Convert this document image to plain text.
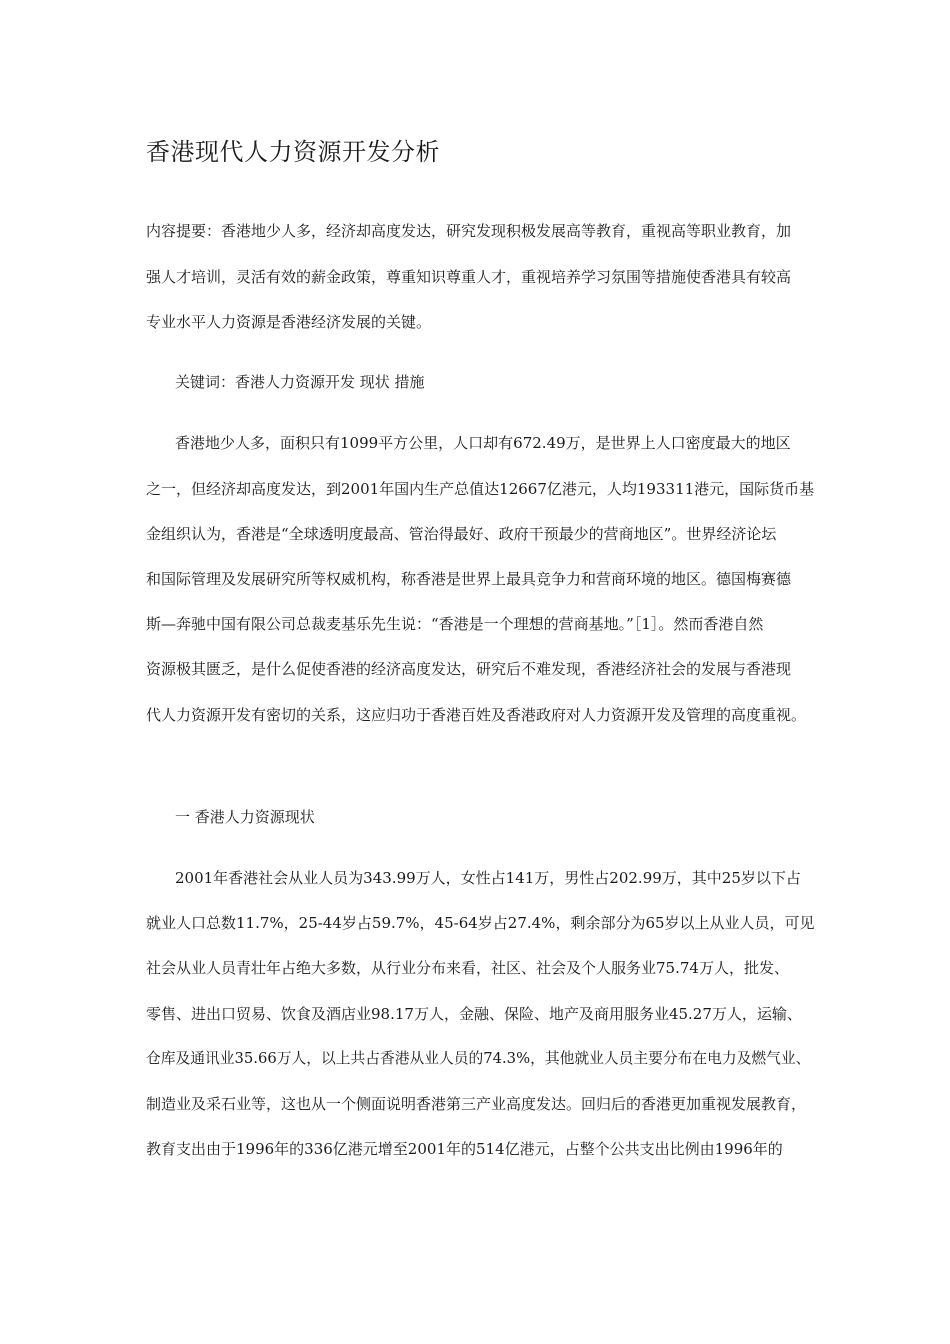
香港现代人力资源开发分析
内容提要：香港地少人多，经济却高度发达，研究发现积极发展高等教育，重视高等职业教育，加
强人才培训，灵活有效的薪金政策，尊重知识尊重人才，重视培养学习氛围等措施使香港具有较高
专业水平人力资源是香港经济发展的关键。
关键词：香港人力资源开发 现状 措施
香港地少人多，面积只有1099平方公里，人口却有672.49万，是世界上人口密度最大的地区
之一，但经济却高度发达，到2001年国内生产总值达12667亿港元，人均193311港元，国际货币基
金组织认为，香港是“全球透明度最高、管治得最好、政府干预最少的营商地区”。世界经济论坛
和国际管理及发展研究所等权威机构，称香港是世界上最具竞争力和营商环境的地区。德国梅赛德
斯—奔驰中国有限公司总裁麦基乐先生说：“香港是一个理想的营商基地。”［1］。然而香港自然
资源极其匮乏，是什么促使香港的经济高度发达，研究后不难发现，香港经济社会的发展与香港现
代人力资源开发有密切的关系，这应归功于香港百姓及香港政府对人力资源开发及管理的高度重视。
一 香港人力资源现状
2001年香港社会从业人员为343.99万人，女性占141万，男性占202.99万，其中25岁以下占
就业人口总数11.7%，25-44岁占59.7%，45-64岁占27.4%，剩余部分为65岁以上从业人员，可见
社会从业人员青壮年占绝大多数，从行业分布来看，社区、社会及个人服务业75.74万人，批发、
零售、进出口贸易、饮食及酒店业98.17万人，金融、保险、地产及商用服务业45.27万人，运输、
仓库及通讯业35.66万人，以上共占香港从业人员的74.3%，其他就业人员主要分布在电力及燃气业、
制造业及采石业等，这也从一个侧面说明香港第三产业高度发达。回归后的香港更加重视发展教育，
教育支出由于1996年的336亿港元增至2001年的514亿港元，占整个公共支出比例由1996年的
